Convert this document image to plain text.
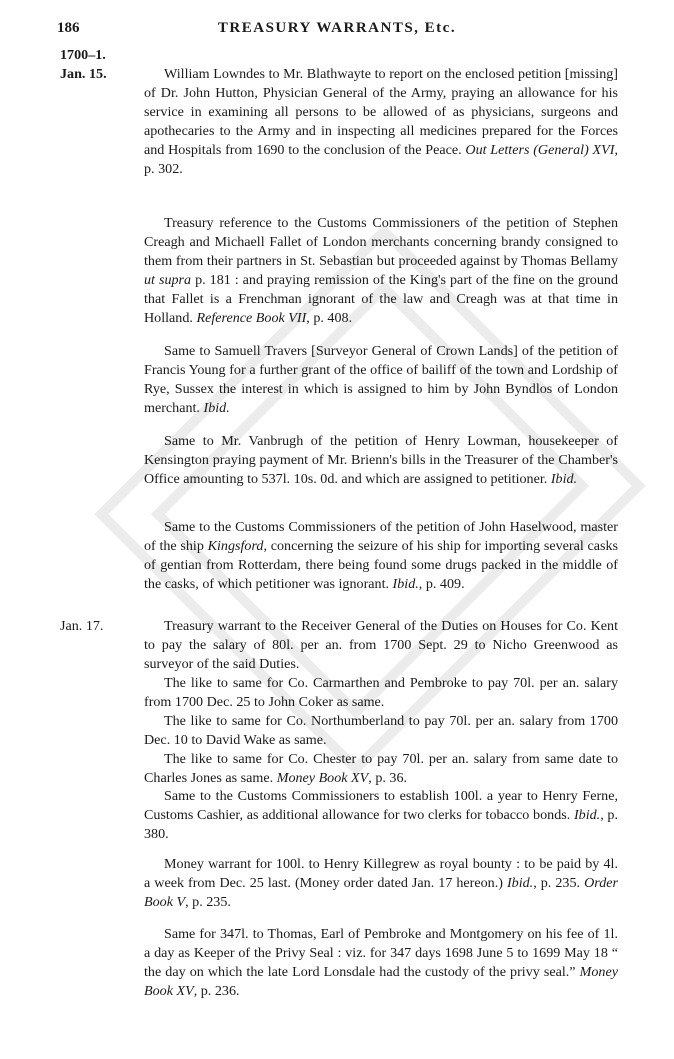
186	TREASURY WARRANTS, Etc.
1700–1.
Jan. 15.
Jan. 17.

William Lowndes to Mr. Blathwayte to report on the enclosed petition [missing] of Dr. John Hutton, Physician General of the Army, praying an allowance for his service in examining all persons to be allowed of as physicians, surgeons and apothecaries to the Army and in inspecting all medicines prepared for the Forces and Hospitals from 1690 to the conclusion of the Peace. Out Letters (General) XVI, p. 302.

Treasury reference to the Customs Commissioners of the petition of Stephen Creagh and Michaell Fallet of London merchants concerning brandy consigned to them from their partners in St. Sebastian but proceeded against by Thomas Bellamy ut supra p. 181 : and praying remission of the King's part of the fine on the ground that Fallet is a Frenchman ignorant of the law and Creagh was at that time in Holland. Reference Book VII, p. 408.

Same to Samuell Travers [Surveyor General of Crown Lands] of the petition of Francis Young for a further grant of the office of bailiff of the town and Lordship of Rye, Sussex the interest in which is assigned to him by John Byndlos of London merchant. Ibid.

Same to Mr. Vanbrugh of the petition of Henry Lowman, housekeeper of Kensington praying payment of Mr. Brienn's bills in the Treasurer of the Chamber's Office amounting to 537l. 10s. 0d. and which are assigned to petitioner. Ibid.

Same to the Customs Commissioners of the petition of John Haselwood, master of the ship Kingsford, concerning the seizure of his ship for importing several casks of gentian from Rotterdam, there being found some drugs packed in the middle of the casks, of which petitioner was ignorant. Ibid., p. 409.

Treasury warrant to the Receiver General of the Duties on Houses for Co. Kent to pay the salary of 80l. per an. from 1700 Sept. 29 to Nicho Greenwood as surveyor of the said Duties.

The like to same for Co. Carmarthen and Pembroke to pay 70l. per an. salary from 1700 Dec. 25 to John Coker as same.

The like to same for Co. Northumberland to pay 70l. per an. salary from 1700 Dec. 10 to David Wake as same.

The like to same for Co. Chester to pay 70l. per an. salary from same date to Charles Jones as same. Money Book XV, p. 36.

Same to the Customs Commissioners to establish 100l. a year to Henry Ferne, Customs Cashier, as additional allowance for two clerks for tobacco bonds. Ibid., p. 380.

Money warrant for 100l. to Henry Killegrew as royal bounty : to be paid by 4l. a week from Dec. 25 last. (Money order dated Jan. 17 hereon.) Ibid., p. 235. Order Book V, p. 235.

Same for 347l. to Thomas, Earl of Pembroke and Montgomery on his fee of 1l. a day as Keeper of the Privy Seal : viz. for 347 days 1698 June 5 to 1699 May 18 “ the day on which the late Lord Lonsdale had the custody of the privy seal.” Money Book XV, p. 236.
